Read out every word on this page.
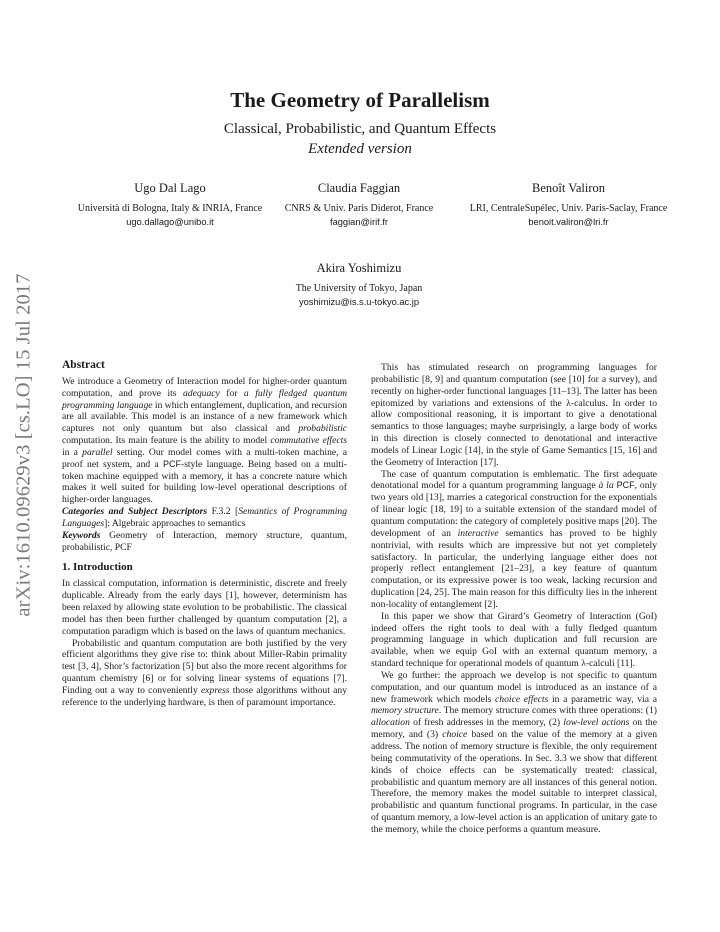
arXiv:1610.09629v3 [cs.LO] 15 Jul 2017
The Geometry of Parallelism
Classical, Probabilistic, and Quantum Effects
Extended version
Ugo Dal Lago
Università di Bologna, Italy & INRIA, France
ugo.dallago@unibo.it
Claudia Faggian
CNRS & Univ. Paris Diderot, France
faggian@irif.fr
Benoît Valiron
LRI, CentraleSupélec, Univ. Paris-Saclay, France
benoit.valiron@lri.fr
Akira Yoshimizu
The University of Tokyo, Japan
yoshimizu@is.s.u-tokyo.ac.jp
Abstract

We introduce a Geometry of Interaction model for higher-order quantum computation, and prove its adequacy for a fully fledged quantum programming language in which entanglement, duplication, and recursion are all available. This model is an instance of a new framework which captures not only quantum but also classical and probabilistic computation. Its main feature is the ability to model commutative effects in a parallel setting. Our model comes with a multi-token machine, a proof net system, and a PCF-style language. Being based on a multi-token machine equipped with a memory, it has a concrete nature which makes it well suited for building low-level operational descriptions of higher-order languages.

Categories and Subject Descriptors F.3.2 [Semantics of Programming Languages]: Algebraic approaches to semantics

Keywords Geometry of Interaction, memory structure, quantum, probabilistic, PCF

1. Introduction

In classical computation, information is deterministic, discrete and freely duplicable. Already from the early days [1], however, determinism has been relaxed by allowing state evolution to be probabilistic. The classical model has then been further challenged by quantum computation [2], a computation paradigm which is based on the laws of quantum mechanics.

Probabilistic and quantum computation are both justified by the very efficient algorithms they give rise to: think about Miller-Rabin primality test [3, 4], Shor’s factorization [5] but also the more recent algorithms for quantum chemistry [6] or for solving linear systems of equations [7]. Finding out a way to conveniently express those algorithms without any reference to the underlying hardware, is then of paramount importance.

This has stimulated research on programming languages for probabilistic [8, 9] and quantum computation (see [10] for a survey), and recently on higher-order functional languages [11–13]. The latter has been epitomized by variations and extensions of the λ-calculus. In order to allow compositional reasoning, it is important to give a denotational semantics to those languages; maybe surprisingly, a large body of works in this direction is closely connected to denotational and interactive models of Linear Logic [14], in the style of Game Semantics [15, 16] and the Geometry of Interaction [17].

The case of quantum computation is emblematic. The first adequate denotational model for a quantum programming language à la PCF, only two years old [13], marries a categorical construction for the exponentials of linear logic [18, 19] to a suitable extension of the standard model of quantum computation: the category of completely positive maps [20]. The development of an interactive semantics has proved to be highly nontrivial, with results which are impressive but not yet completely satisfactory. In particular, the underlying language either does not properly reflect entanglement [21–23], a key feature of quantum computation, or its expressive power is too weak, lacking recursion and duplication [24, 25]. The main reason for this difficulty lies in the inherent non-locality of entanglement [2].

In this paper we show that Girard’s Geometry of Interaction (GoI) indeed offers the right tools to deal with a fully fledged quantum programming language in which duplication and full recursion are available, when we equip GoI with an external quantum memory, a standard technique for operational models of quantum λ-calculi [11].

We go further: the approach we develop is not specific to quantum computation, and our quantum model is introduced as an instance of a new framework which models choice effects in a parametric way, via a memory structure. The memory structure comes with three operations: (1) allocation of fresh addresses in the memory, (2) low-level actions on the memory, and (3) choice based on the value of the memory at a given address. The notion of memory structure is flexible, the only requirement being commutativity of the operations. In Sec. 3.3 we show that different kinds of choice effects can be systematically treated: classical, probabilistic and quantum memory are all instances of this general notion. Therefore, the memory makes the model suitable to interpret classical, probabilistic and quantum functional programs. In particular, in the case of quantum memory, a low-level action is an application of unitary gate to the memory, while the choice performs a quantum measure.
